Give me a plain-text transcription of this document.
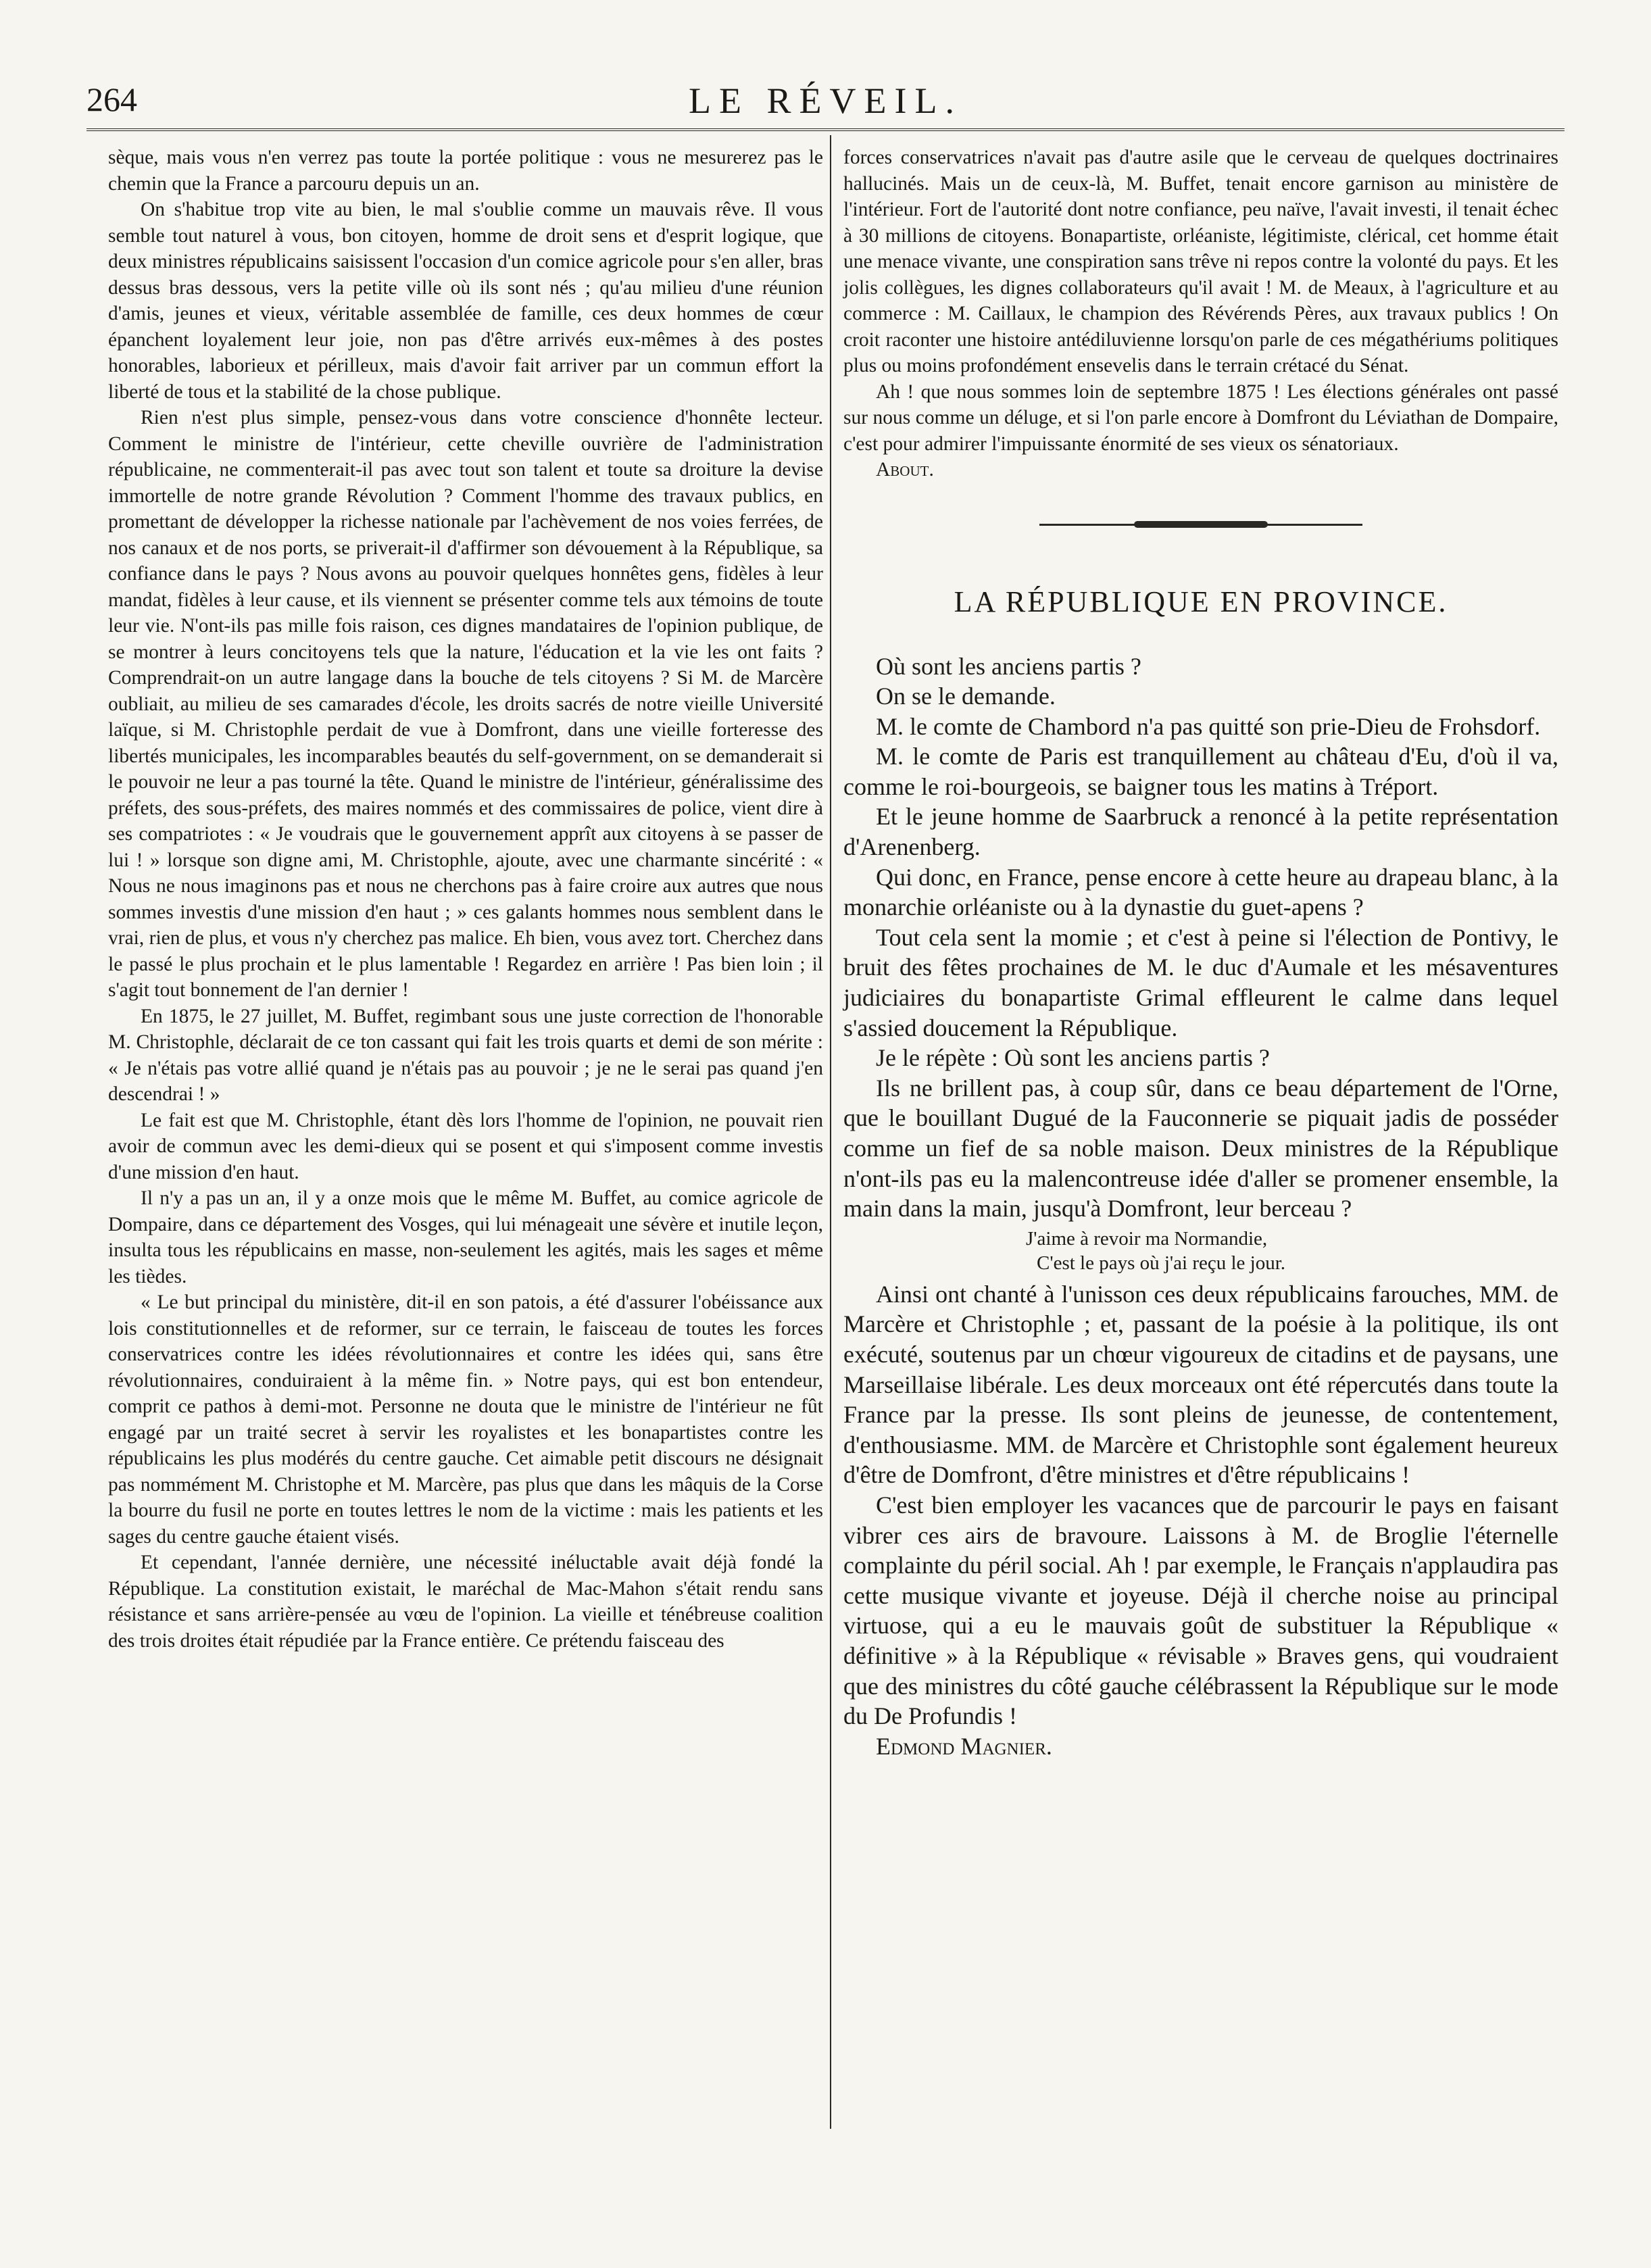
264	LE RÉVEIL.

sèque, mais vous n'en verrez pas toute la portée politique : vous ne mesurerez pas le chemin que la France a parcouru depuis un an.

On s'habitue trop vite au bien, le mal s'oublie comme un mauvais rêve. Il vous semble tout naturel à vous, bon citoyen, homme de droit sens et d'esprit logique, que deux ministres républicains saisissent l'occasion d'un comice agricole pour s'en aller, bras dessus bras dessous, vers la petite ville où ils sont nés ; qu'au milieu d'une réunion d'amis, jeunes et vieux, véritable assemblée de famille, ces deux hommes de cœur épanchent loyalement leur joie, non pas d'être arrivés eux-mêmes à des postes honorables, laborieux et périlleux, mais d'avoir fait arriver par un commun effort la liberté de tous et la stabilité de la chose publique.

Rien n'est plus simple, pensez-vous dans votre conscience d'honnête lecteur. Comment le ministre de l'intérieur, cette cheville ouvrière de l'administration républicaine, ne commenterait-il pas avec tout son talent et toute sa droiture la devise immortelle de notre grande Révolution ? Comment l'homme des travaux publics, en promettant de développer la richesse nationale par l'achèvement de nos voies ferrées, de nos canaux et de nos ports, se priverait-il d'affirmer son dévouement à la République, sa confiance dans le pays ? Nous avons au pouvoir quelques honnêtes gens, fidèles à leur mandat, fidèles à leur cause, et ils viennent se présenter comme tels aux témoins de toute leur vie. N'ont-ils pas mille fois raison, ces dignes mandataires de l'opinion publique, de se montrer à leurs concitoyens tels que la nature, l'éducation et la vie les ont faits ? Comprendrait-on un autre langage dans la bouche de tels citoyens ? Si M. de Marcère oubliait, au milieu de ses camarades d'école, les droits sacrés de notre vieille Université laïque, si M. Christophle perdait de vue à Domfront, dans une vieille forteresse des libertés municipales, les incomparables beautés du self-government, on se demanderait si le pouvoir ne leur a pas tourné la tête. Quand le ministre de l'intérieur, généralissime des préfets, des sous-préfets, des maires nommés et des commissaires de police, vient dire à ses compatriotes : « Je voudrais que le gouvernement apprît aux citoyens à se passer de lui ! » lorsque son digne ami, M. Christophle, ajoute, avec une charmante sincérité : « Nous ne nous imaginons pas et nous ne cherchons pas à faire croire aux autres que nous sommes investis d'une mission d'en haut ; » ces galants hommes nous semblent dans le vrai, rien de plus, et vous n'y cherchez pas malice. Eh bien, vous avez tort. Cherchez dans le passé le plus prochain et le plus lamentable ! Regardez en arrière ! Pas bien loin ; il s'agit tout bonnement de l'an dernier !

En 1875, le 27 juillet, M. Buffet, regimbant sous une juste correction de l'honorable M. Christophle, déclarait de ce ton cassant qui fait les trois quarts et demi de son mérite : « Je n'étais pas votre allié quand je n'étais pas au pouvoir ; je ne le serai pas quand j'en descendrai ! »

Le fait est que M. Christophle, étant dès lors l'homme de l'opinion, ne pouvait rien avoir de commun avec les demi-dieux qui se posent et qui s'imposent comme investis d'une mission d'en haut.

Il n'y a pas un an, il y a onze mois que le même M. Buffet, au comice agricole de Dompaire, dans ce département des Vosges, qui lui ménageait une sévère et inutile leçon, insulta tous les républicains en masse, non-seulement les agités, mais les sages et même les tièdes.

« Le but principal du ministère, dit-il en son patois, a été d'assurer l'obéissance aux lois constitutionnelles et de reformer, sur ce terrain, le faisceau de toutes les forces conservatrices contre les idées révolutionnaires et contre les idées qui, sans être révolutionnaires, conduiraient à la même fin. » Notre pays, qui est bon entendeur, comprit ce pathos à demi-mot. Personne ne douta que le ministre de l'intérieur ne fût engagé par un traité secret à servir les royalistes et les bonapartistes contre les républicains les plus modérés du centre gauche. Cet aimable petit discours ne désignait pas nommément M. Christophe et M. Marcère, pas plus que dans les mâquis de la Corse la bourre du fusil ne porte en toutes lettres le nom de la victime : mais les patients et les sages du centre gauche étaient visés.

Et cependant, l'année dernière, une nécessité inéluctable avait déjà fondé la République. La constitution existait, le maréchal de Mac-Mahon s'était rendu sans résistance et sans arrière-pensée au vœu de l'opinion. La vieille et ténébreuse coalition des trois droites était répudiée par la France entière. Ce prétendu faisceau des

forces conservatrices n'avait pas d'autre asile que le cerveau de quelques doctrinaires hallucinés. Mais un de ceux-là, M. Buffet, tenait encore garnison au ministère de l'intérieur. Fort de l'autorité dont notre confiance, peu naïve, l'avait investi, il tenait échec à 30 millions de citoyens. Bonapartiste, orléaniste, légitimiste, clérical, cet homme était une menace vivante, une conspiration sans trêve ni repos contre la volonté du pays. Et les jolis collègues, les dignes collaborateurs qu'il avait ! M. de Meaux, à l'agriculture et au commerce : M. Caillaux, le champion des Révérends Pères, aux travaux publics ! On croit raconter une histoire antédiluvienne lorsqu'on parle de ces mégathériums politiques plus ou moins profondément ensevelis dans le terrain crétacé du Sénat.

Ah ! que nous sommes loin de septembre 1875 ! Les élections générales ont passé sur nous comme un déluge, et si l'on parle encore à Domfront du Léviathan de Dompaire, c'est pour admirer l'impuissante énormité de ses vieux os sénatoriaux.

About.

LA RÉPUBLIQUE EN PROVINCE.

Où sont les anciens partis ?

On se le demande.

M. le comte de Chambord n'a pas quitté son prie-Dieu de Frohsdorf.

M. le comte de Paris est tranquillement au château d'Eu, d'où il va, comme le roi-bourgeois, se baigner tous les matins à Tréport.

Et le jeune homme de Saarbruck a renoncé à la petite représentation d'Arenenberg.

Qui donc, en France, pense encore à cette heure au drapeau blanc, à la monarchie orléaniste ou à la dynastie du guet-apens ?

Tout cela sent la momie ; et c'est à peine si l'élection de Pontivy, le bruit des fêtes prochaines de M. le duc d'Aumale et les mésaventures judiciaires du bonapartiste Grimal effleurent le calme dans lequel s'assied doucement la République.

Je le répète : Où sont les anciens partis ?

Ils ne brillent pas, à coup sûr, dans ce beau département de l'Orne, que le bouillant Dugué de la Fauconnerie se piquait jadis de posséder comme un fief de sa noble maison. Deux ministres de la République n'ont-ils pas eu la malencontreuse idée d'aller se promener ensemble, la main dans la main, jusqu'à Domfront, leur berceau ?

J'aime à revoir ma Normandie,
C'est le pays où j'ai reçu le jour.

Ainsi ont chanté à l'unisson ces deux républicains farouches, MM. de Marcère et Christophle ; et, passant de la poésie à la politique, ils ont exécuté, soutenus par un chœur vigoureux de citadins et de paysans, une Marseillaise libérale. Les deux morceaux ont été répercutés dans toute la France par la presse. Ils sont pleins de jeunesse, de contentement, d'enthousiasme. MM. de Marcère et Christophle sont également heureux d'être de Domfront, d'être ministres et d'être républicains !

C'est bien employer les vacances que de parcourir le pays en faisant vibrer ces airs de bravoure. Laissons à M. de Broglie l'éternelle complainte du péril social. Ah ! par exemple, le Français n'applaudira pas cette musique vivante et joyeuse. Déjà il cherche noise au principal virtuose, qui a eu le mauvais goût de substituer la République « définitive » à la République « révisable » Braves gens, qui voudraient que des ministres du côté gauche célébrassent la République sur le mode du De Profundis !

Edmond Magnier.
